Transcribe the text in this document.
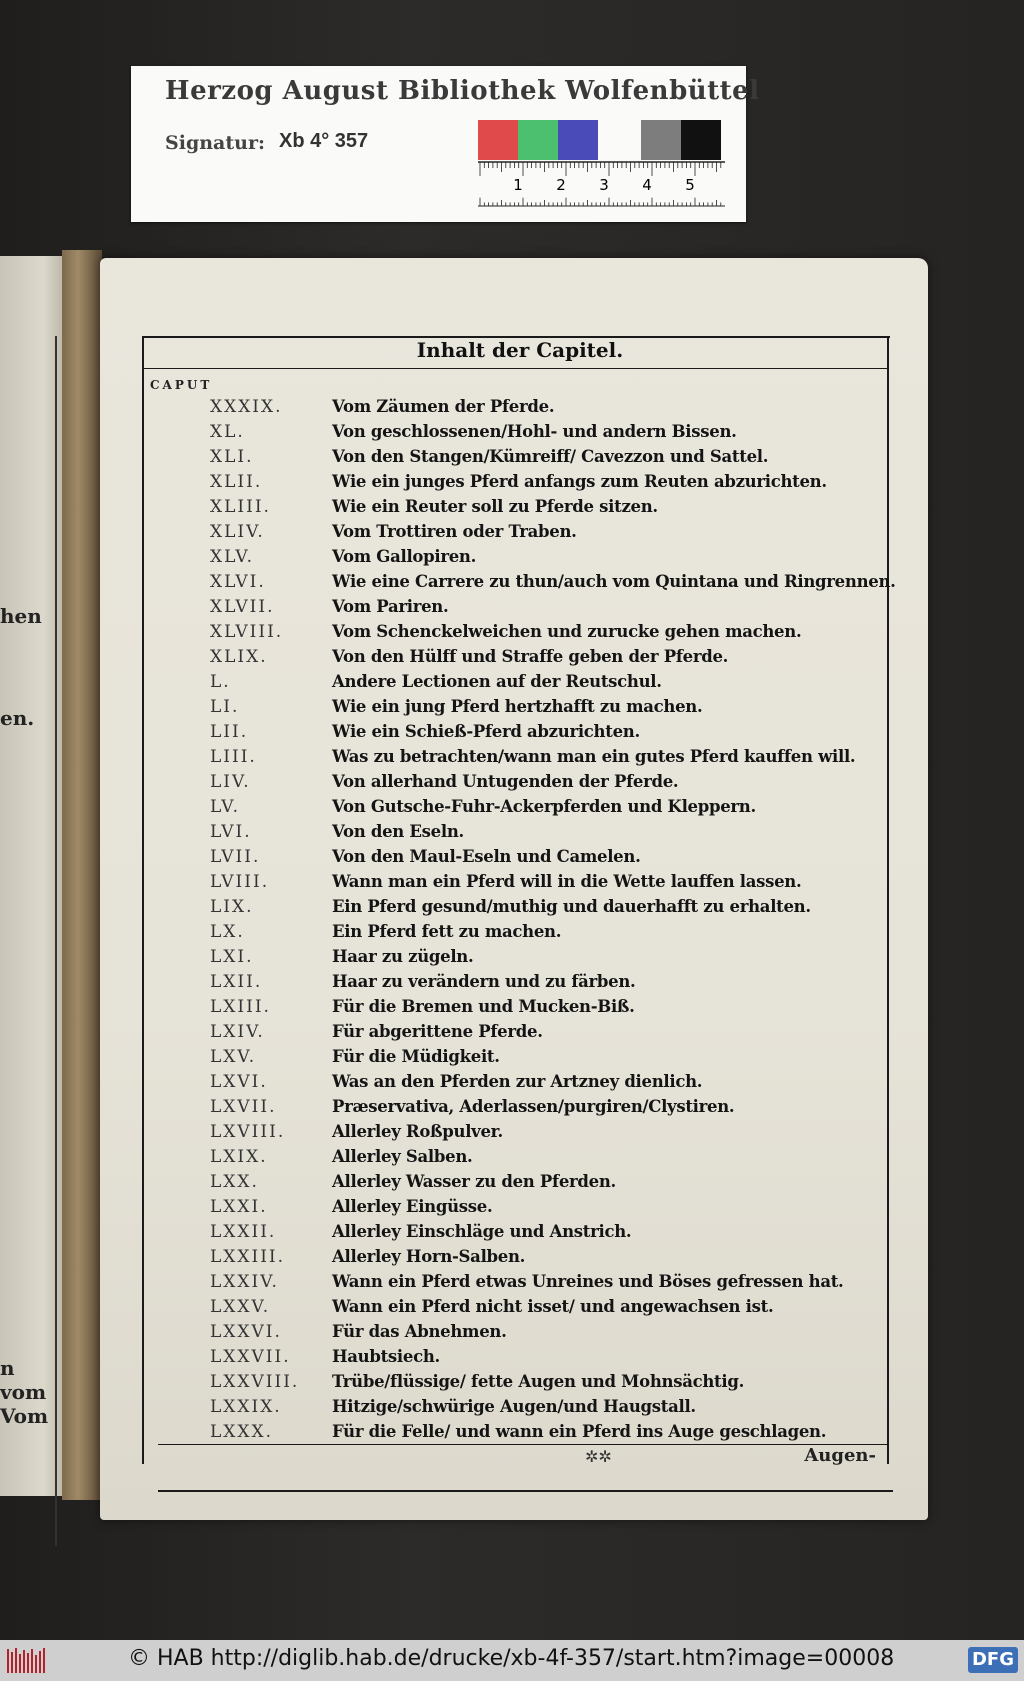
Herzog August Bibliothek Wolfenbüttel
Signatur: Xb 4° 357
1 2 3 4 5
hen
en.
n vom
Vom
Inhalt der Capitel.
CAPUT
XXXIX.	Vom Zäumen der Pferde.
XL.	Von geschlossenen/Hohl- und andern Bissen.
XLI.	Von den Stangen/Kümreiff/ Cavezzon und Sattel.
XLII.	Wie ein junges Pferd anfangs zum Reuten abzurichten.
XLIII.	Wie ein Reuter soll zu Pferde sitzen.
XLIV.	Vom Trottiren oder Traben.
XLV.	Vom Gallopiren.
XLVI.	Wie eine Carrere zu thun/auch vom Quintana und Ringrennen.
XLVII.	Vom Pariren.
XLVIII.	Vom Schenckelweichen und zurucke gehen machen.
XLIX.	Von den Hülff und Straffe geben der Pferde.
L.	Andere Lectionen auf der Reutschul.
LI.	Wie ein jung Pferd hertzhafft zu machen.
LII.	Wie ein Schieß-Pferd abzurichten.
LIII.	Was zu betrachten/wann man ein gutes Pferd kauffen will.
LIV.	Von allerhand Untugenden der Pferde.
LV.	Von Gutsche-Fuhr-Ackerpferden und Kleppern.
LVI.	Von den Eseln.
LVII.	Von den Maul-Eseln und Camelen.
LVIII.	Wann man ein Pferd will in die Wette lauffen lassen.
LIX.	Ein Pferd gesund/muthig und dauerhafft zu erhalten.
LX.	Ein Pferd fett zu machen.
LXI.	Haar zu zügeln.
LXII.	Haar zu verändern und zu färben.
LXIII.	Für die Bremen und Mucken-Biß.
LXIV.	Für abgerittene Pferde.
LXV.	Für die Müdigkeit.
LXVI.	Was an den Pferden zur Artzney dienlich.
LXVII.	Præservativa, Aderlassen/purgiren/Clystiren.
LXVIII.	Allerley Roßpulver.
LXIX.	Allerley Salben.
LXX.	Allerley Wasser zu den Pferden.
LXXI.	Allerley Eingüsse.
LXXII.	Allerley Einschläge und Anstrich.
LXXIII.	Allerley Horn-Salben.
LXXIV.	Wann ein Pferd etwas Unreines und Böses gefressen hat.
LXXV.	Wann ein Pferd nicht isset/ und angewachsen ist.
LXXVI.	Für das Abnehmen.
LXXVII.	Haubtsiech.
LXXVIII.	Trübe/flüssige/ fette Augen und Mohnsächtig.
LXXIX.	Hitzige/schwürige Augen/und Haugstall.
LXXX.	Für die Felle/ und wann ein Pferd ins Auge geschlagen.
✲✲	Augen-
© HAB http://diglib.hab.de/drucke/xb-4f-357/start.htm?image=00008	DFG
